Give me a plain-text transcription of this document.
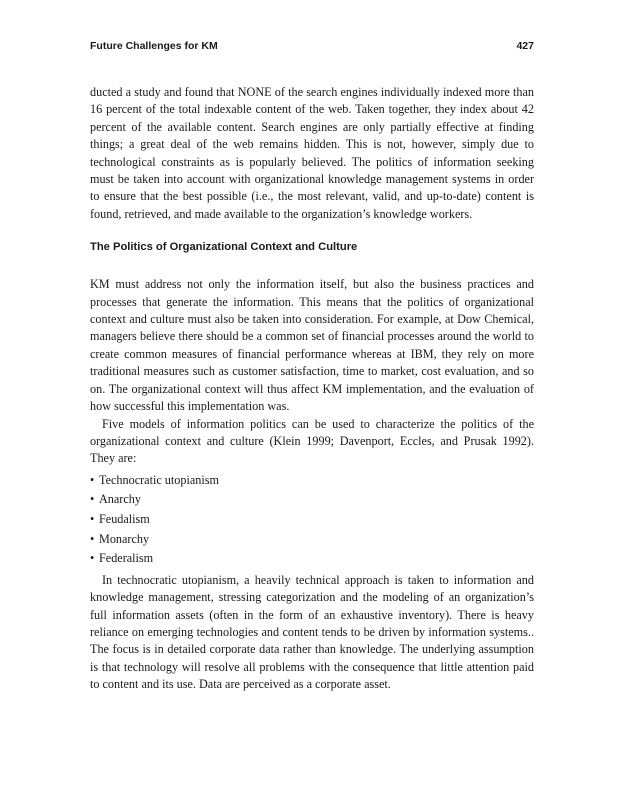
Future Challenges for KM	427

ducted a study and found that NONE of the search engines individually indexed more than 16 percent of the total indexable content of the web. Taken together, they index about 42 percent of the available content. Search engines are only partially effective at finding things; a great deal of the web remains hidden. This is not, however, simply due to technological constraints as is popularly believed. The politics of information seeking must be taken into account with organizational knowledge management systems in order to ensure that the best possible (i.e., the most relevant, valid, and up-to-date) content is found, retrieved, and made available to the organization’s knowledge workers.

The Politics of Organizational Context and Culture

KM must address not only the information itself, but also the business practices and processes that generate the information. This means that the politics of organizational context and culture must also be taken into consideration. For example, at Dow Chemical, managers believe there should be a common set of financial processes around the world to create common measures of financial performance whereas at IBM, they rely on more traditional measures such as customer satisfaction, time to market, cost evaluation, and so on. The organizational context will thus affect KM implementation, and the evaluation of how successful this implementation was.

Five models of information politics can be used to characterize the politics of the organizational context and culture (Klein 1999; Davenport, Eccles, and Prusak 1992). They are:

• Technocratic utopianism
• Anarchy
• Feudalism
• Monarchy
• Federalism

In technocratic utopianism, a heavily technical approach is taken to information and knowledge management, stressing categorization and the modeling of an organization’s full information assets (often in the form of an exhaustive inventory). There is heavy reliance on emerging technologies and content tends to be driven by information systems.. The focus is in detailed corporate data rather than knowledge. The underlying assumption is that technology will resolve all problems with the consequence that little attention paid to content and its use. Data are perceived as a corporate asset.
